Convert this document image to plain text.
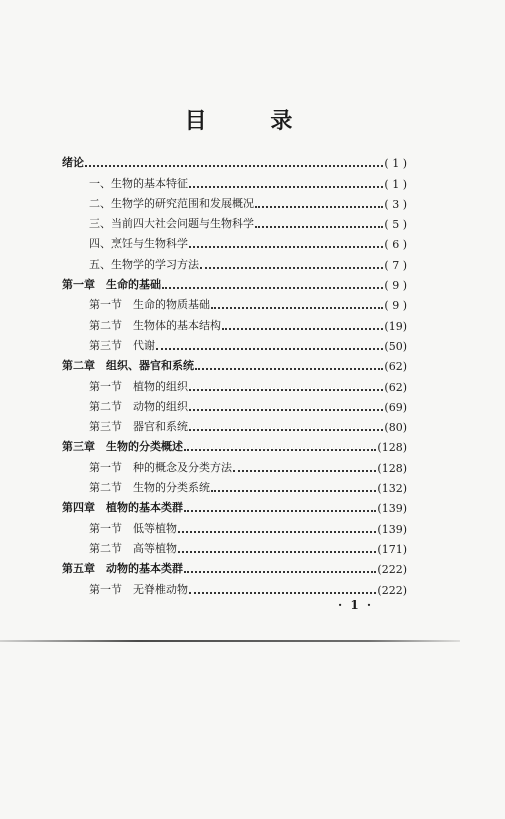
目 录
绪论	( 1 )
一、生物的基本特征	( 1 )
二、生物学的研究范围和发展概况	( 3 )
三、当前四大社会问题与生物科学	( 5 )
四、烹饪与生物科学	( 6 )
五、生物学的学习方法	( 7 )
第一章　生命的基础	( 9 )
第一节　生命的物质基础	( 9 )
第二节　生物体的基本结构	(19)
第三节　代谢	(50)
第二章　组织、器官和系统	(62)
第一节　植物的组织	(62)
第二节　动物的组织	(69)
第三节　器官和系统	(80)
第三章　生物的分类概述	(128)
第一节　种的概念及分类方法	(128)
第二节　生物的分类系统	(132)
第四章　植物的基本类群	(139)
第一节　低等植物	(139)
第二节　高等植物	(171)
第五章　动物的基本类群	(222)
第一节　无脊椎动物	(222)
· 1 ·
